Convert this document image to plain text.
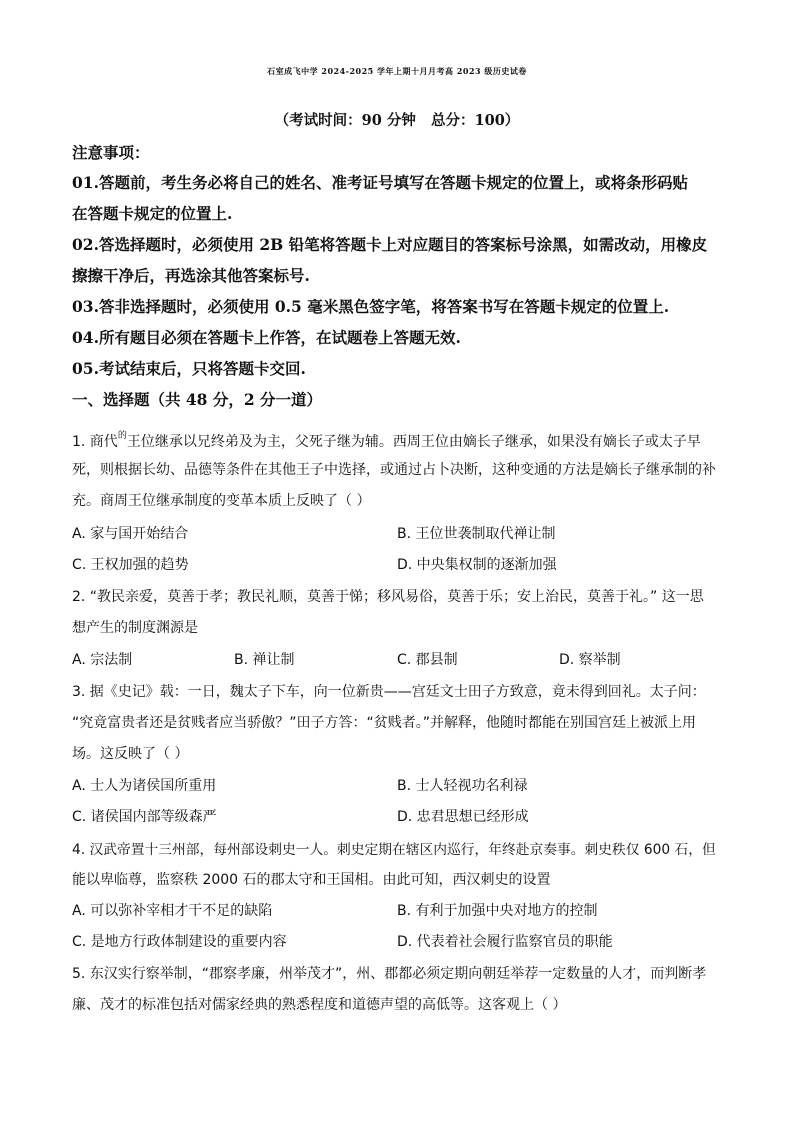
石室成飞中学 2024-2025 学年上期十月月考高 2023 级历史试卷
（考试时间：90 分钟   总分：100）
注意事项：
01.答题前，考生务必将自己的姓名、准考证号填写在答题卡规定的位置上，或将条形码贴
在答题卡规定的位置上.
02.答选择题时，必须使用 2B 铅笔将答题卡上对应题目的答案标号涂黑，如需改动，用橡皮
擦擦干净后，再选涂其他答案标号.
03.答非选择题时，必须使用 0.5 毫米黑色签字笔，将答案书写在答题卡规定的位置上.
04.所有题目必须在答题卡上作答，在试题卷上答题无效.
05.考试结束后，只将答题卡交回.
一、选择题（共 48 分，2 分一道）
1. 商代$^的$王位继承以兄终弟及为主，父死子继为辅。西周王位由嫡长子继承，如果没有嫡长子或太子早
死，则根据长幼、品德等条件在其他王子中选择，或通过占卜决断，这种变通的方法是嫡长子继承制的补
充。商周王位继承制度的变革本质上反映了（ ）
A. 家与国开始结合	B. 王位世袭制取代禅让制
C. 王权加强的趋势	D. 中央集权制的逐渐加强
2. “教民亲爱，莫善于孝；教民礼顺，莫善于悌；移风易俗，莫善于乐；安上治民，莫善于礼。” 这一思
想产生的制度渊源是
A. 宗法制	B. 禅让制	C. 郡县制	D. 察举制
3. 据《史记》载：一日，魏太子下车，向一位新贵——宫廷文士田子方致意，竟未得到回礼。太子问：
“究竟富贵者还是贫贱者应当骄傲？”田子方答：“贫贱者。”并解释，他随时都能在别国宫廷上被派上用
场。这反映了（ ）
A. 士人为诸侯国所重用	B. 士人轻视功名利禄
C. 诸侯国内部等级森严	D. 忠君思想已经形成
4. 汉武帝置十三州部，每州部设刺史一人。刺史定期在辖区内巡行，年终赴京奏事。刺史秩仅 600 石，但
能以卑临尊，监察秩 2000 石的郡太守和王国相。由此可知，西汉刺史的设置
A. 可以弥补宰相才干不足的缺陷	B. 有利于加强中央对地方的控制
C. 是地方行政体制建设的重要内容	D. 代表着社会履行监察官员的职能
5. 东汉实行察举制，“郡察孝廉，州举茂才”，州、郡都必须定期向朝廷举荐一定数量的人才，而判断孝
廉、茂才的标准包括对儒家经典的熟悉程度和道德声望的高低等。这客观上（ ）
